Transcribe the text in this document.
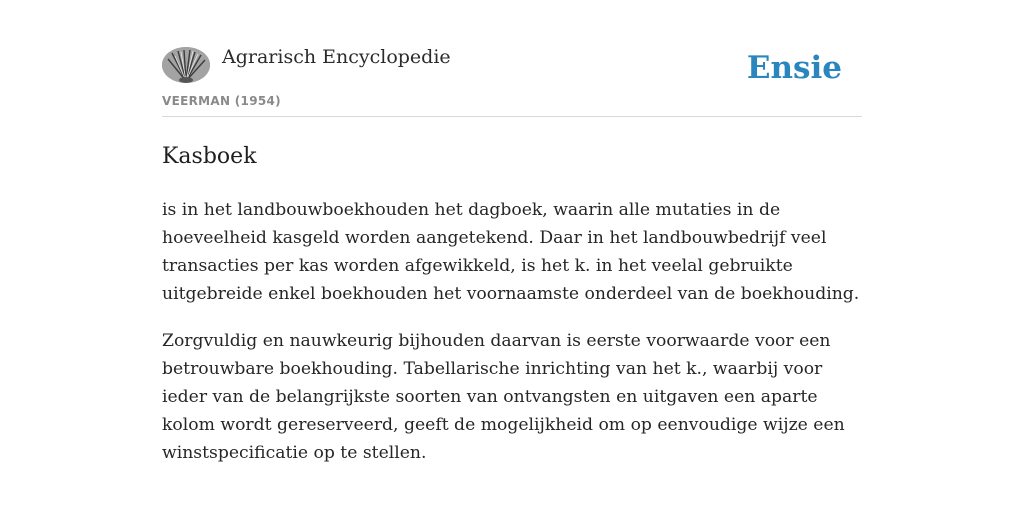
Agrarisch Encyclopedie
VEERMAN (1954)
Ensie
Kasboek

is in het landbouwboekhouden het dagboek, waarin alle mutaties in de hoeveelheid kasgeld worden aangetekend. Daar in het landbouwbedrijf veel transacties per kas worden afgewikkeld, is het k. in het veelal gebruikte uitgebreide enkel boekhouden het voornaamste onderdeel van de boekhouding.

Zorgvuldig en nauwkeurig bijhouden daarvan is eerste voorwaarde voor een betrouwbare boekhouding. Tabellarische inrichting van het k., waarbij voor ieder van de belangrijkste soorten van ontvangsten en uitgaven een aparte kolom wordt gereserveerd, geeft de mogelijkheid om op eenvoudige wijze een winstspecificatie op te stellen.
